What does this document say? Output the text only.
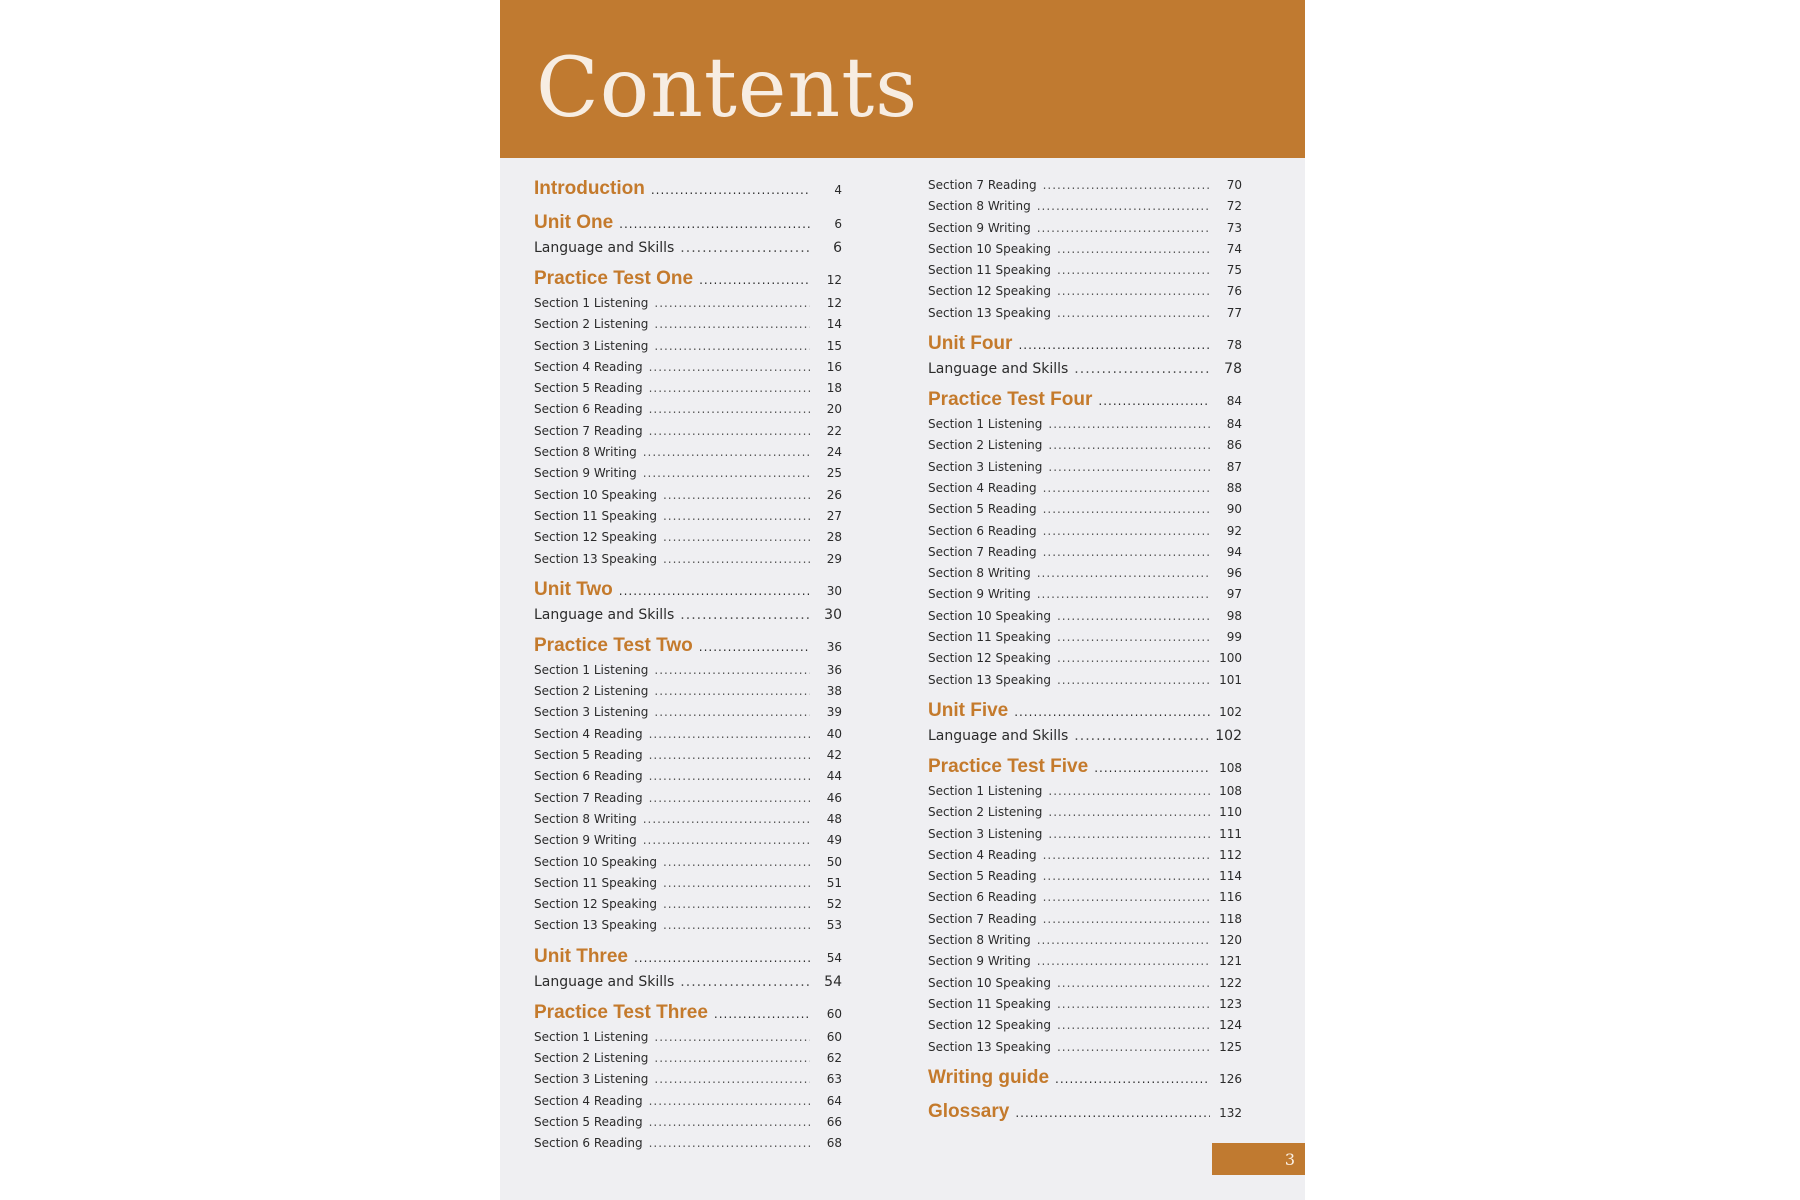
Contents
Introduction .....	4
Unit One .....	6
Language and Skills .....	6
Practice Test One .....	12
Section 1 Listening .....	12
Section 2 Listening .....	14
Section 3 Listening .....	15
Section 4 Reading .....	16
Section 5 Reading .....	18
Section 6 Reading .....	20
Section 7 Reading .....	22
Section 8 Writing .....	24
Section 9 Writing .....	25
Section 10 Speaking .....	26
Section 11 Speaking .....	27
Section 12 Speaking .....	28
Section 13 Speaking .....	29
Unit Two .....	30
Language and Skills .....	30
Practice Test Two .....	36
Section 1 Listening .....	36
Section 2 Listening .....	38
Section 3 Listening .....	39
Section 4 Reading .....	40
Section 5 Reading .....	42
Section 6 Reading .....	44
Section 7 Reading .....	46
Section 8 Writing .....	48
Section 9 Writing .....	49
Section 10 Speaking .....	50
Section 11 Speaking .....	51
Section 12 Speaking .....	52
Section 13 Speaking .....	53
Unit Three .....	54
Language and Skills .....	54
Practice Test Three .....	60
Section 1 Listening .....	60
Section 2 Listening .....	62
Section 3 Listening .....	63
Section 4 Reading .....	64
Section 5 Reading .....	66
Section 6 Reading .....	68
Section 7 Reading .....	70
Section 8 Writing .....	72
Section 9 Writing .....	73
Section 10 Speaking .....	74
Section 11 Speaking .....	75
Section 12 Speaking .....	76
Section 13 Speaking .....	77
Unit Four .....	78
Language and Skills .....	78
Practice Test Four .....	84
Section 1 Listening .....	84
Section 2 Listening .....	86
Section 3 Listening .....	87
Section 4 Reading .....	88
Section 5 Reading .....	90
Section 6 Reading .....	92
Section 7 Reading .....	94
Section 8 Writing .....	96
Section 9 Writing .....	97
Section 10 Speaking .....	98
Section 11 Speaking .....	99
Section 12 Speaking .....	100
Section 13 Speaking .....	101
Unit Five .....	102
Language and Skills .....	102
Practice Test Five .....	108
Section 1 Listening .....	108
Section 2 Listening .....	110
Section 3 Listening .....	111
Section 4 Reading .....	112
Section 5 Reading .....	114
Section 6 Reading .....	116
Section 7 Reading .....	118
Section 8 Writing .....	120
Section 9 Writing .....	121
Section 10 Speaking .....	122
Section 11 Speaking .....	123
Section 12 Speaking .....	124
Section 13 Speaking .....	125
Writing guide .....	126
Glossary .....	132
3
